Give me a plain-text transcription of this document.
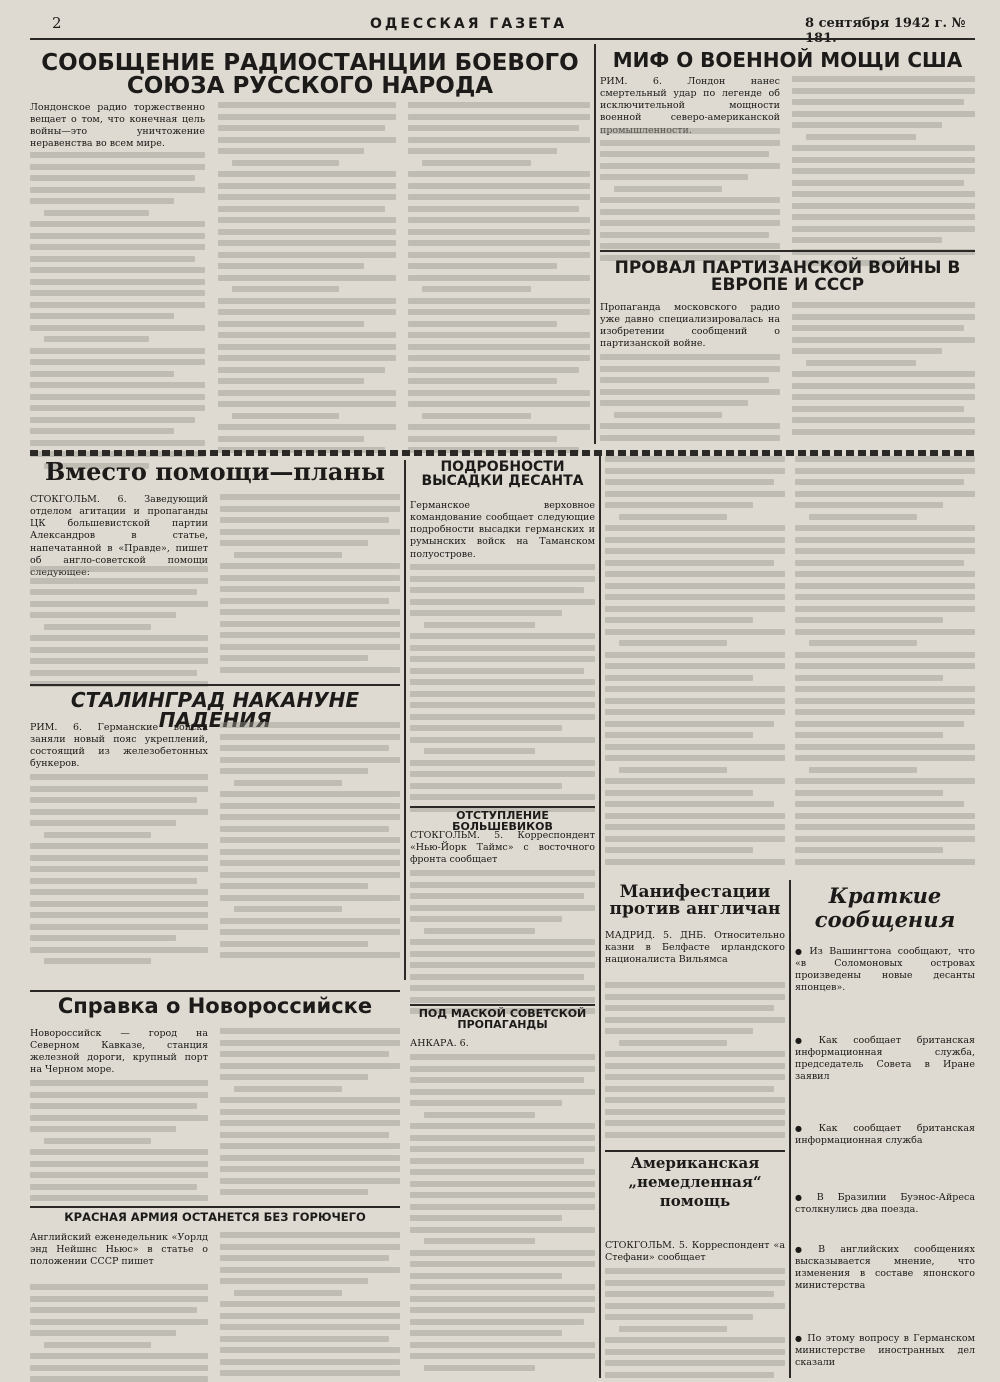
2	ОДЕССКАЯ ГАЗЕТА	8 сентября 1942 г. № 181.
СООБЩЕНИЕ РАДИОСТАНЦИИ БОЕВОГО СОЮЗА РУССКОГО НАРОДА

Лондонское радио торжественно вещает о том, что конечная цель войны—это уничтожение неравенства во всем мире.

МИФ О ВОЕННОЙ МОЩИ США

РИМ. 6. Лондон нанес смертельный удар по легенде об исключительной мощности военной северо-американской промышленности.

ПРОВАЛ ПАРТИЗАНСКОЙ ВОЙНЫ В ЕВРОПЕ И СССР

Пропаганда московского радио уже давно специализировалась на изобретении сообщений о партизанской войне.

Вместо помощи—планы

СТОКГОЛЬМ. 6. Заведующий отделом агитации и пропаганды ЦК большевистской партии Александров в статье, напечатанной в «Правде», пишет об англо-советской помощи следующее:

ПОДРОБНОСТИ ВЫСАДКИ ДЕСАНТА

Германское верховное командование сообщает следующие подробности высадки германских и румынских войск на Таманском полуострове.

СТАЛИНГРАД НАКАНУНЕ ПАДЕНИЯ

РИМ. 6. Германские войска заняли новый пояс укреплений, состоящий из железобетонных бункеров.

ОТСТУПЛЕНИЕ БОЛЬШЕВИКОВ

СТОКГОЛЬМ. 5. Корреспондент «Нью-Йорк Таймс» с восточного фронта сообщает

ПОД МАСКОЙ СОВЕТСКОЙ ПРОПАГАНДЫ

АНКАРА. 6.

Справка о Новороссийске

Новороссийск — город на Северном Кавказе, станция железной дороги, крупный порт на Черном море.

КРАСНАЯ АРМИЯ ОСТАНЕТСЯ БЕЗ ГОРЮЧЕГО

Английский еженедельник «Уорлд энд Нейшнс Ньюс» в статье о положении СССР пишет

Манифестации против англичан

МАДРИД. 5. ДНБ. Относительно казни в Белфасте ирландского националиста Вильямса

Американская „немедленная“ помощь

СТОКГОЛЬМ. 5. Корреспондент «а Стефани» сообщает

Краткие сообщения

● Из Вашингтона сообщают, что «в Соломоновых островах произведены новые десанты японцев».

● Как сообщает британская информационная служба, председатель Совета в Иране заявил

● Как сообщает британская информационная служба

● В Бразилии Буэнос-Айреса столкнулись два поезда.

● В английских сообщениях высказывается мнение, что изменения в составе японского министерства

● По этому вопросу в Германском министерстве иностранных дел сказали
